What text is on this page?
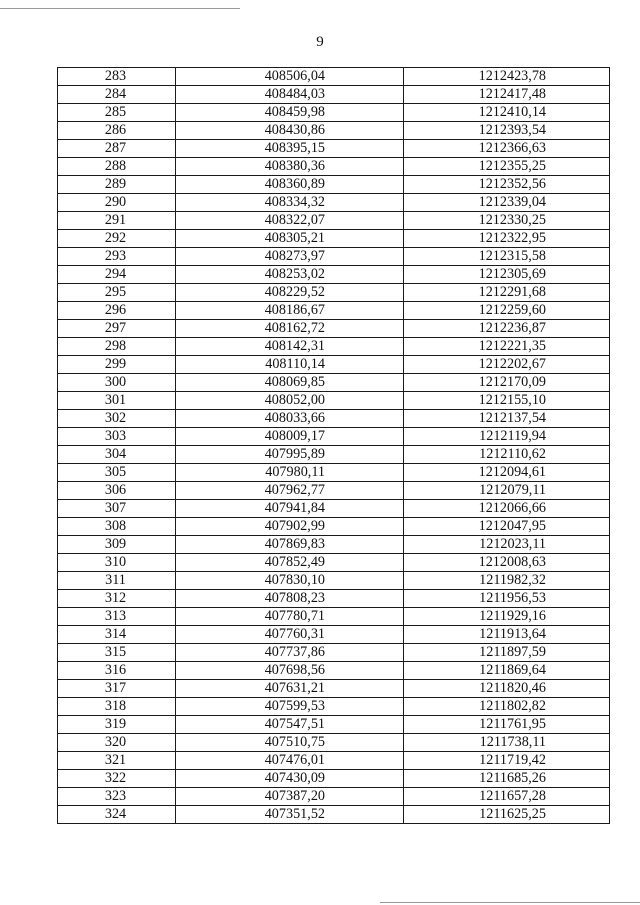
9
283	408506,04	1212423,78
284	408484,03	1212417,48
285	408459,98	1212410,14
286	408430,86	1212393,54
287	408395,15	1212366,63
288	408380,36	1212355,25
289	408360,89	1212352,56
290	408334,32	1212339,04
291	408322,07	1212330,25
292	408305,21	1212322,95
293	408273,97	1212315,58
294	408253,02	1212305,69
295	408229,52	1212291,68
296	408186,67	1212259,60
297	408162,72	1212236,87
298	408142,31	1212221,35
299	408110,14	1212202,67
300	408069,85	1212170,09
301	408052,00	1212155,10
302	408033,66	1212137,54
303	408009,17	1212119,94
304	407995,89	1212110,62
305	407980,11	1212094,61
306	407962,77	1212079,11
307	407941,84	1212066,66
308	407902,99	1212047,95
309	407869,83	1212023,11
310	407852,49	1212008,63
311	407830,10	1211982,32
312	407808,23	1211956,53
313	407780,71	1211929,16
314	407760,31	1211913,64
315	407737,86	1211897,59
316	407698,56	1211869,64
317	407631,21	1211820,46
318	407599,53	1211802,82
319	407547,51	1211761,95
320	407510,75	1211738,11
321	407476,01	1211719,42
322	407430,09	1211685,26
323	407387,20	1211657,28
324	407351,52	1211625,25
